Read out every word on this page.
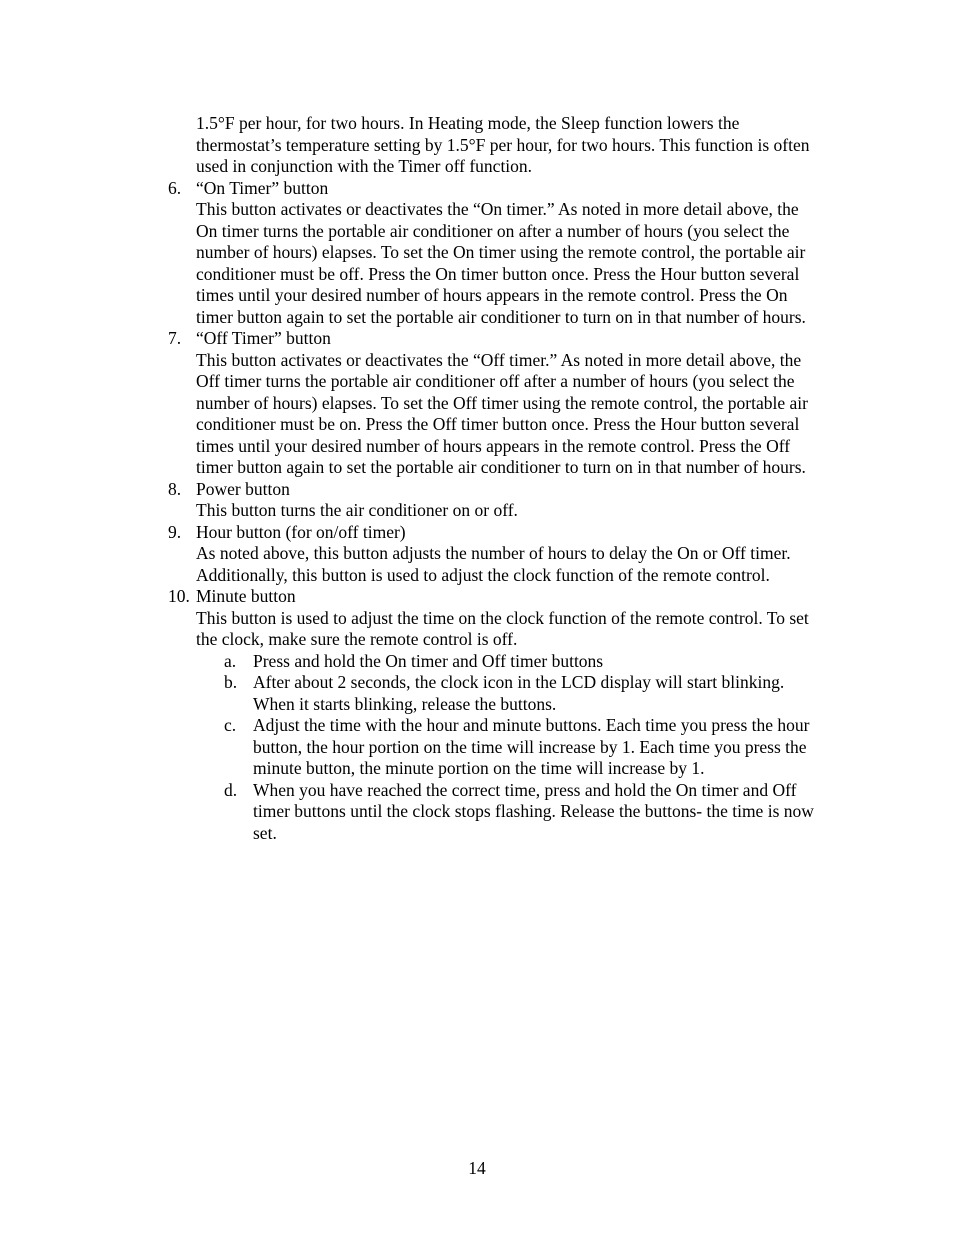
1.5°F per hour, for two hours. In Heating mode, the Sleep function lowers the thermostat’s temperature setting by 1.5°F per hour, for two hours. This function is often used in conjunction with the Timer off function.

6. “On Timer” button
This button activates or deactivates the “On timer.” As noted in more detail above, the On timer turns the portable air conditioner on after a number of hours (you select the number of hours) elapses. To set the On timer using the remote control, the portable air conditioner must be off. Press the On timer button once. Press the Hour button several times until your desired number of hours appears in the remote control. Press the On timer button again to set the portable air conditioner to turn on in that number of hours.
7. “Off Timer” button
This button activates or deactivates the “Off timer.” As noted in more detail above, the Off timer turns the portable air conditioner off after a number of hours (you select the number of hours) elapses. To set the Off timer using the remote control, the portable air conditioner must be on. Press the Off timer button once. Press the Hour button several times until your desired number of hours appears in the remote control. Press the Off timer button again to set the portable air conditioner to turn on in that number of hours.
8. Power button
This button turns the air conditioner on or off.
9. Hour button (for on/off timer)
As noted above, this button adjusts the number of hours to delay the On or Off timer. Additionally, this button is used to adjust the clock function of the remote control.
10. Minute button
This button is used to adjust the time on the clock function of the remote control. To set the clock, make sure the remote control is off.
a. Press and hold the On timer and Off timer buttons
b. After about 2 seconds, the clock icon in the LCD display will start blinking. When it starts blinking, release the buttons.
c. Adjust the time with the hour and minute buttons. Each time you press the hour button, the hour portion on the time will increase by 1. Each time you press the minute button, the minute portion on the time will increase by 1.
d. When you have reached the correct time, press and hold the On timer and Off timer buttons until the clock stops flashing. Release the buttons- the time is now set.
14
